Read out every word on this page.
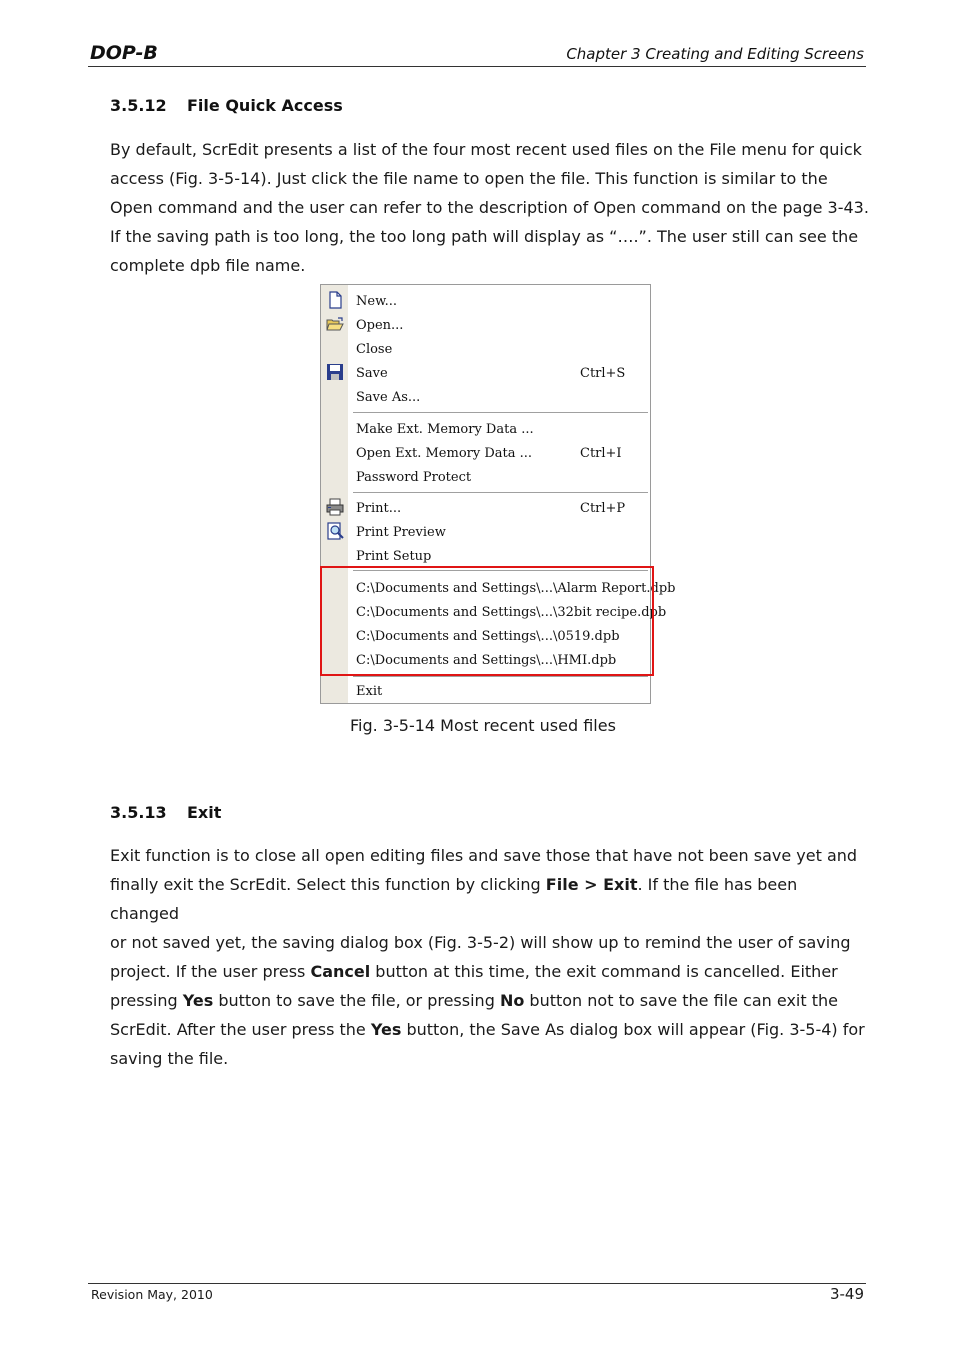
DOP-B	Chapter 3 Creating and Editing Screens
3.5.12 File Quick Access
By default, ScrEdit presents a list of the four most recent used files on the File menu for quick
access (Fig. 3-5-14). Just click the file name to open the file. This function is similar to the
Open command and the user can refer to the description of Open command on the page 3-43.
If the saving path is too long, the too long path will display as “….”. The user still can see the
complete dpb file name.
New...
Open...
Close
Save	Ctrl+S
Save As...
Make Ext. Memory Data ...
Open Ext. Memory Data ...	Ctrl+I
Password Protect
Print...	Ctrl+P
Print Preview
Print Setup
C:\Documents and Settings\...\Alarm Report.dpb
C:\Documents and Settings\...\32bit recipe.dpb
C:\Documents and Settings\...\0519.dpb
C:\Documents and Settings\...\HMI.dpb
Exit
Fig. 3-5-14 Most recent used files
3.5.13 Exit
Exit function is to close all open editing files and save those that have not been save yet and
finally exit the ScrEdit. Select this function by clicking File > Exit. If the file has been changed
or not saved yet, the saving dialog box (Fig. 3-5-2) will show up to remind the user of saving
project. If the user press Cancel button at this time, the exit command is cancelled. Either
pressing Yes button to save the file, or pressing No button not to save the file can exit the
ScrEdit. After the user press the Yes button, the Save As dialog box will appear (Fig. 3-5-4) for
saving the file.
Revision May, 2010	3-49
